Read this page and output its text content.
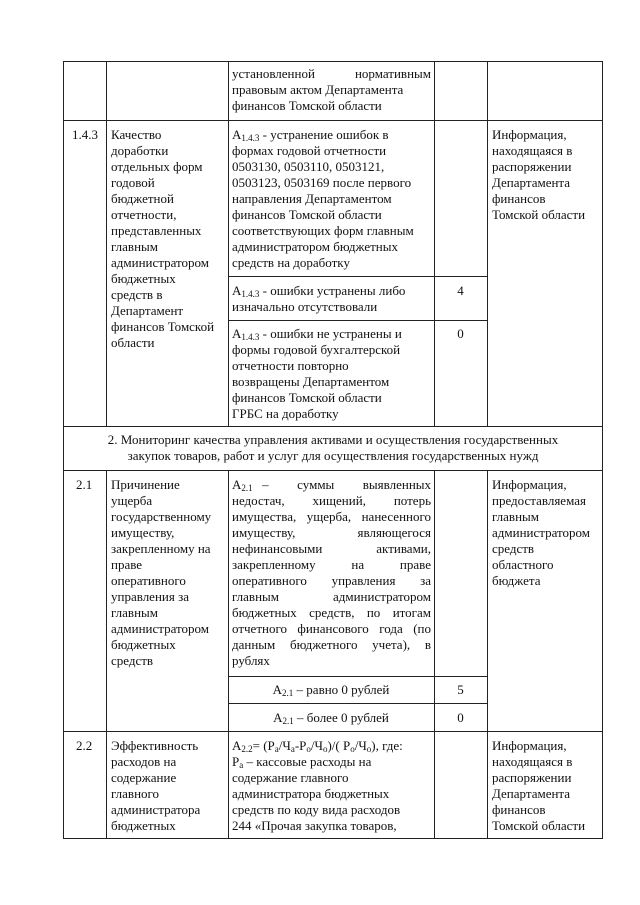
установленной нормативным
правовым актом Департамента
финансов Томской области
1.4.3 Качество
доработки
отдельных форм
годовой
бюджетной
отчетности,
представленных
главным
администратором
бюджетных
средств в
Департамент
финансов Томской
области
$А_{1.4.3}$ - устранение ошибок в
формах годовой отчетности
0503130, 0503110, 0503121,
0503123, 0503169 после первого
направления Департаментом
финансов Томской области
соответствующих форм главным
администратором бюджетных
средств на доработку
$А_{1.4.3}$ - ошибки устранены либо
изначально отсутствовали
4
$А_{1.4.3}$ - ошибки не устранены и
формы годовой бухгалтерской
отчетности повторно
возвращены Департаментом
финансов Томской области
ГРБС на доработку
0
Информация,
находящаяся в
распоряжении
Департамента
финансов
Томской области
2. Мониторинг качества управления активами и осуществления государственных
закупок товаров, работ и услуг для осуществления государственных нужд
2.1 Причинение
ущерба
государственному
имуществу,
закрепленному на
праве
оперативного
управления за
главным
администратором
бюджетных
средств
$А_{2.1}$ –   суммы   выявленных
недостач, хищений, потерь
имущества, ущерба, нанесенного
имуществу, являющегося
нефинансовыми активами,
закрепленному на праве
оперативного управления за
главным администратором
бюджетных средств, по итогам
отчетного финансового года (по
данным бюджетного учета), в
рублях
$А_{2.1}$ – равно 0 рублей	5
$А_{2.1}$ – более 0 рублей	0
Информация,
предоставляемая
главным
администратором
средств
областного
бюджета
2.2 Эффективность
расходов на
содержание
главного
администратора
бюджетных
$А_{2.2}= (Р_а/Ч_а-Р_о/Ч_о)/$( $Р_о/Ч_о$), где:
$Р_а$ – кассовые расходы на
содержание главного
администратора бюджетных
средств по коду вида расходов
244 «Прочая закупка товаров,
Информация,
находящаяся в
распоряжении
Департамента
финансов
Томской области
